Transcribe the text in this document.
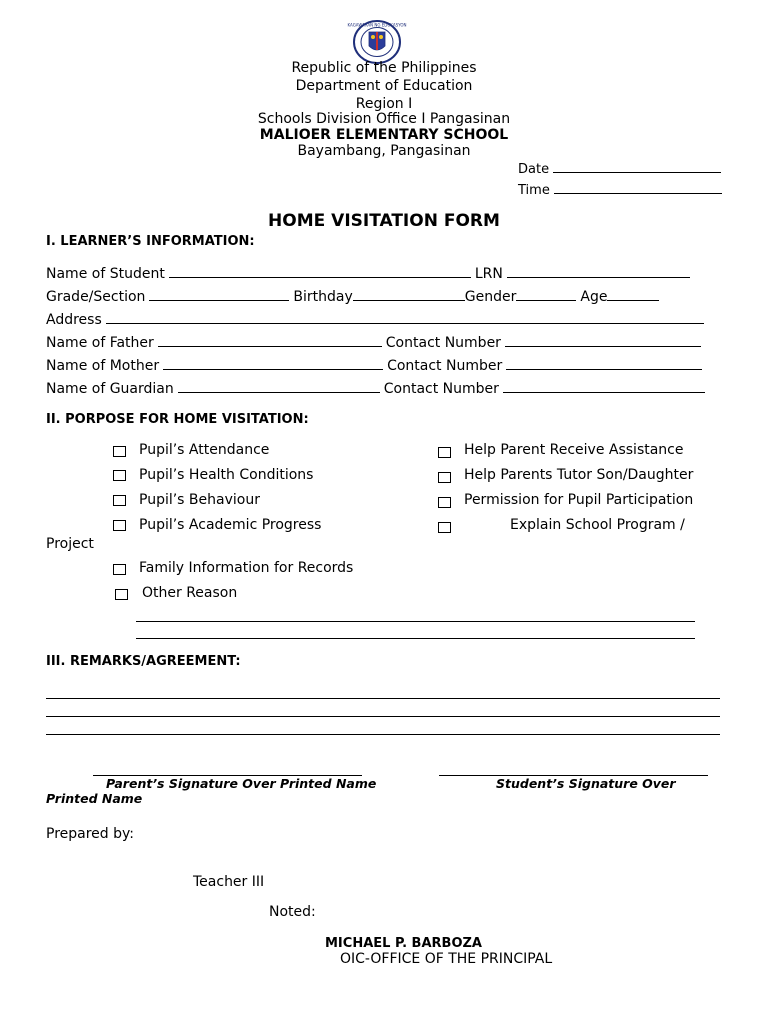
KAGAWARAN NG EDUKASYON
Republic of the Philippines
Department of Education
Region I
Schools Division Office I Pangasinan
MALIOER ELEMENTARY SCHOOL
Bayambang, Pangasinan
Date
Time
HOME VISITATION FORM
I. LEARNER’S INFORMATION:
Name of Student	LRN
Grade/Section	Birthday	Gender	Age
Address
Name of Father	Contact Number
Name of Mother	Contact Number
Name of Guardian	Contact Number
II. PORPOSE FOR HOME VISITATION:
Pupil’s Attendance
Pupil’s Health Conditions
Pupil’s Behaviour
Pupil’s Academic Progress
Help Parent Receive Assistance
Help Parents Tutor Son/Daughter
Permission for Pupil Participation
Explain School Program /
Project
Family Information for Records
Other Reason
III. REMARKS/AGREEMENT:
Parent’s Signature Over Printed Name	Student’s Signature Over
Printed Name
Prepared by:
Teacher III
Noted:
MICHAEL P. BARBOZA
OIC-OFFICE OF THE PRINCIPAL
